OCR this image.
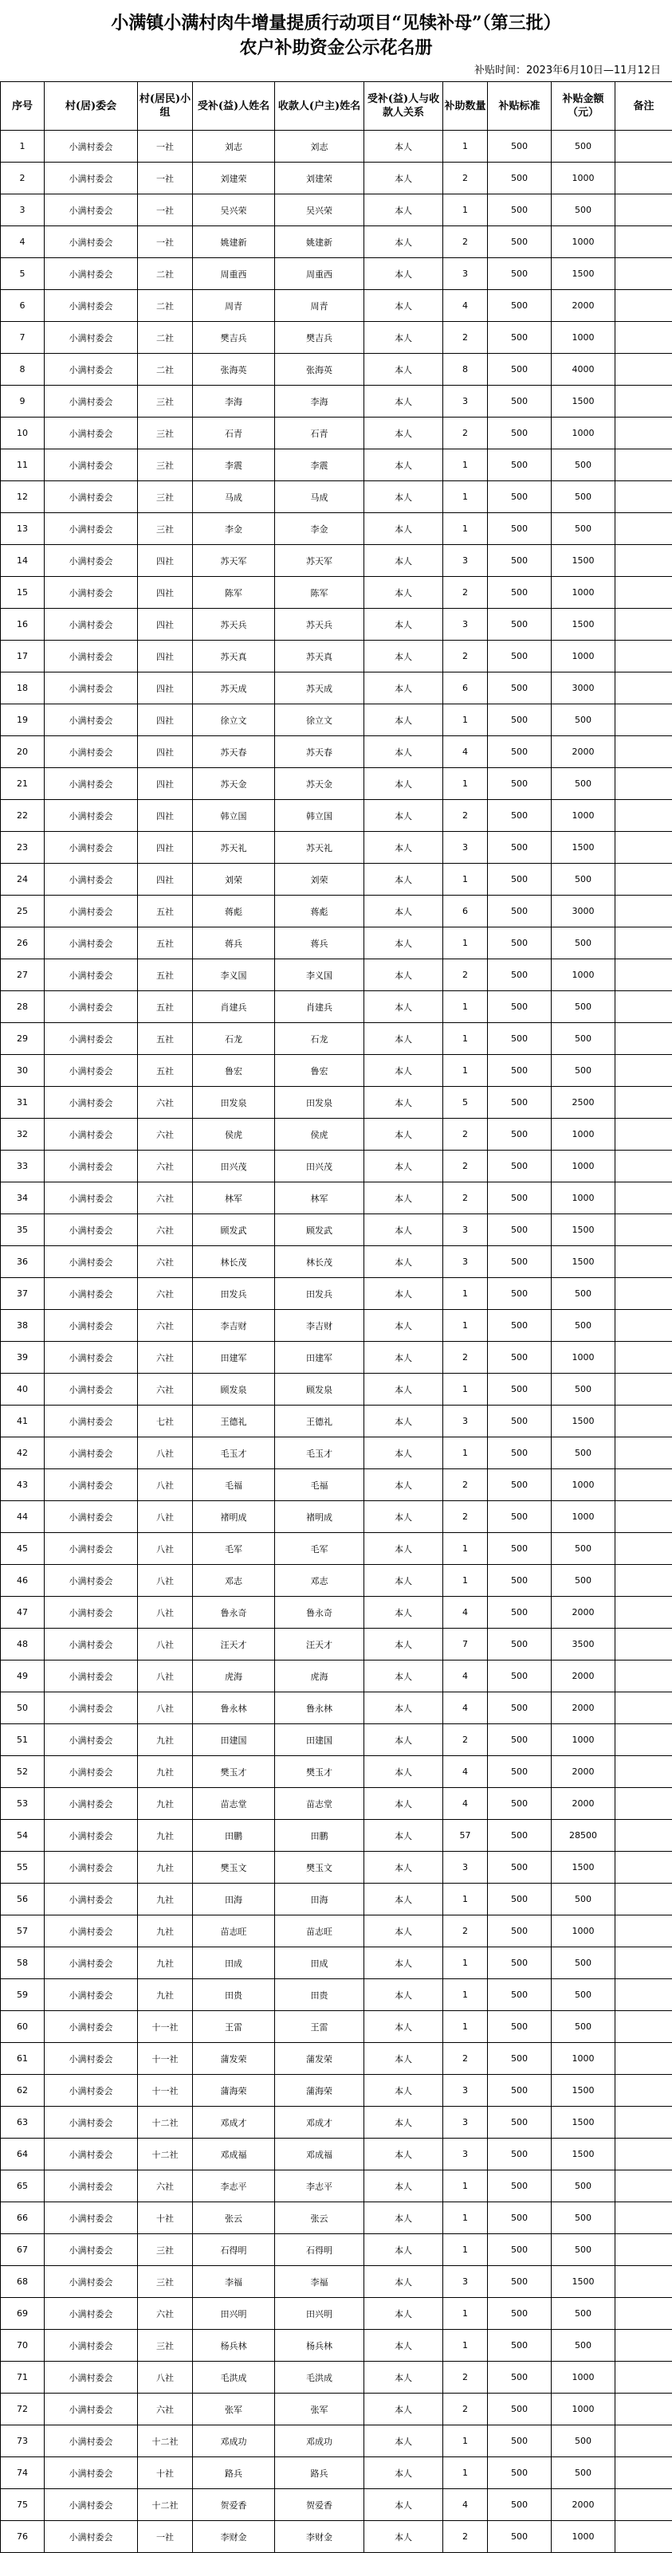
小满镇小满村肉牛增量提质行动项目“见犊补母”（第三批）
农户补助资金公示花名册
补贴时间：2023年6月10日—11月12日
序号	村(居)委会	村(居民)小组	受补(益)人姓名	收款人(户主)姓名	受补(益)人与收款人关系	补助数量	补贴标准	补贴金额（元）	备注
1	小满村委会	一社	刘志	刘志	本人	1	500	500	
2	小满村委会	一社	刘建荣	刘建荣	本人	2	500	1000	
3	小满村委会	一社	吴兴荣	吴兴荣	本人	1	500	500	
4	小满村委会	一社	姚建新	姚建新	本人	2	500	1000	
5	小满村委会	二社	周重西	周重西	本人	3	500	1500	
6	小满村委会	二社	周青	周青	本人	4	500	2000	
7	小满村委会	二社	樊吉兵	樊吉兵	本人	2	500	1000	
8	小满村委会	二社	张海英	张海英	本人	8	500	4000	
9	小满村委会	三社	李海	李海	本人	3	500	1500	
10	小满村委会	三社	石青	石青	本人	2	500	1000	
11	小满村委会	三社	李震	李震	本人	1	500	500	
12	小满村委会	三社	马成	马成	本人	1	500	500	
13	小满村委会	三社	李金	李金	本人	1	500	500	
14	小满村委会	四社	苏天军	苏天军	本人	3	500	1500	
15	小满村委会	四社	陈军	陈军	本人	2	500	1000	
16	小满村委会	四社	苏天兵	苏天兵	本人	3	500	1500	
17	小满村委会	四社	苏天真	苏天真	本人	2	500	1000	
18	小满村委会	四社	苏天成	苏天成	本人	6	500	3000	
19	小满村委会	四社	徐立文	徐立文	本人	1	500	500	
20	小满村委会	四社	苏天春	苏天春	本人	4	500	2000	
21	小满村委会	四社	苏天金	苏天金	本人	1	500	500	
22	小满村委会	四社	韩立国	韩立国	本人	2	500	1000	
23	小满村委会	四社	苏天礼	苏天礼	本人	3	500	1500	
24	小满村委会	四社	刘荣	刘荣	本人	1	500	500	
25	小满村委会	五社	蒋彪	蒋彪	本人	6	500	3000	
26	小满村委会	五社	蒋兵	蒋兵	本人	1	500	500	
27	小满村委会	五社	李义国	李义国	本人	2	500	1000	
28	小满村委会	五社	肖建兵	肖建兵	本人	1	500	500	
29	小满村委会	五社	石龙	石龙	本人	1	500	500	
30	小满村委会	五社	鲁宏	鲁宏	本人	1	500	500	
31	小满村委会	六社	田发泉	田发泉	本人	5	500	2500	
32	小满村委会	六社	侯虎	侯虎	本人	2	500	1000	
33	小满村委会	六社	田兴茂	田兴茂	本人	2	500	1000	
34	小满村委会	六社	林军	林军	本人	2	500	1000	
35	小满村委会	六社	顾发武	顾发武	本人	3	500	1500	
36	小满村委会	六社	林长茂	林长茂	本人	3	500	1500	
37	小满村委会	六社	田发兵	田发兵	本人	1	500	500	
38	小满村委会	六社	李吉财	李吉财	本人	1	500	500	
39	小满村委会	六社	田建军	田建军	本人	2	500	1000	
40	小满村委会	六社	顾发泉	顾发泉	本人	1	500	500	
41	小满村委会	七社	王德礼	王德礼	本人	3	500	1500	
42	小满村委会	八社	毛玉才	毛玉才	本人	1	500	500	
43	小满村委会	八社	毛福	毛福	本人	2	500	1000	
44	小满村委会	八社	褚明成	褚明成	本人	2	500	1000	
45	小满村委会	八社	毛军	毛军	本人	1	500	500	
46	小满村委会	八社	邓志	邓志	本人	1	500	500	
47	小满村委会	八社	鲁永奇	鲁永奇	本人	4	500	2000	
48	小满村委会	八社	汪天才	汪天才	本人	7	500	3500	
49	小满村委会	八社	虎海	虎海	本人	4	500	2000	
50	小满村委会	八社	鲁永林	鲁永林	本人	4	500	2000	
51	小满村委会	九社	田建国	田建国	本人	2	500	1000	
52	小满村委会	九社	樊玉才	樊玉才	本人	4	500	2000	
53	小满村委会	九社	苗志堂	苗志堂	本人	4	500	2000	
54	小满村委会	九社	田鹏	田鹏	本人	57	500	28500	
55	小满村委会	九社	樊玉文	樊玉文	本人	3	500	1500	
56	小满村委会	九社	田海	田海	本人	1	500	500	
57	小满村委会	九社	苗志旺	苗志旺	本人	2	500	1000	
58	小满村委会	九社	田成	田成	本人	1	500	500	
59	小满村委会	九社	田贵	田贵	本人	1	500	500	
60	小满村委会	十一社	王雷	王雷	本人	1	500	500	
61	小满村委会	十一社	蒲发荣	蒲发荣	本人	2	500	1000	
62	小满村委会	十一社	蒲海荣	蒲海荣	本人	3	500	1500	
63	小满村委会	十二社	邓成才	邓成才	本人	3	500	1500	
64	小满村委会	十二社	邓成福	邓成福	本人	3	500	1500	
65	小满村委会	六社	李志平	李志平	本人	1	500	500	
66	小满村委会	十社	张云	张云	本人	1	500	500	
67	小满村委会	三社	石得明	石得明	本人	1	500	500	
68	小满村委会	三社	李福	李福	本人	3	500	1500	
69	小满村委会	六社	田兴明	田兴明	本人	1	500	500	
70	小满村委会	三社	杨兵林	杨兵林	本人	1	500	500	
71	小满村委会	八社	毛洪成	毛洪成	本人	2	500	1000	
72	小满村委会	六社	张军	张军	本人	2	500	1000	
73	小满村委会	十二社	邓成功	邓成功	本人	1	500	500	
74	小满村委会	十社	路兵	路兵	本人	1	500	500	
75	小满村委会	十二社	贺爱香	贺爱香	本人	4	500	2000	
76	小满村委会	一社	李财金	李财金	本人	2	500	1000	
